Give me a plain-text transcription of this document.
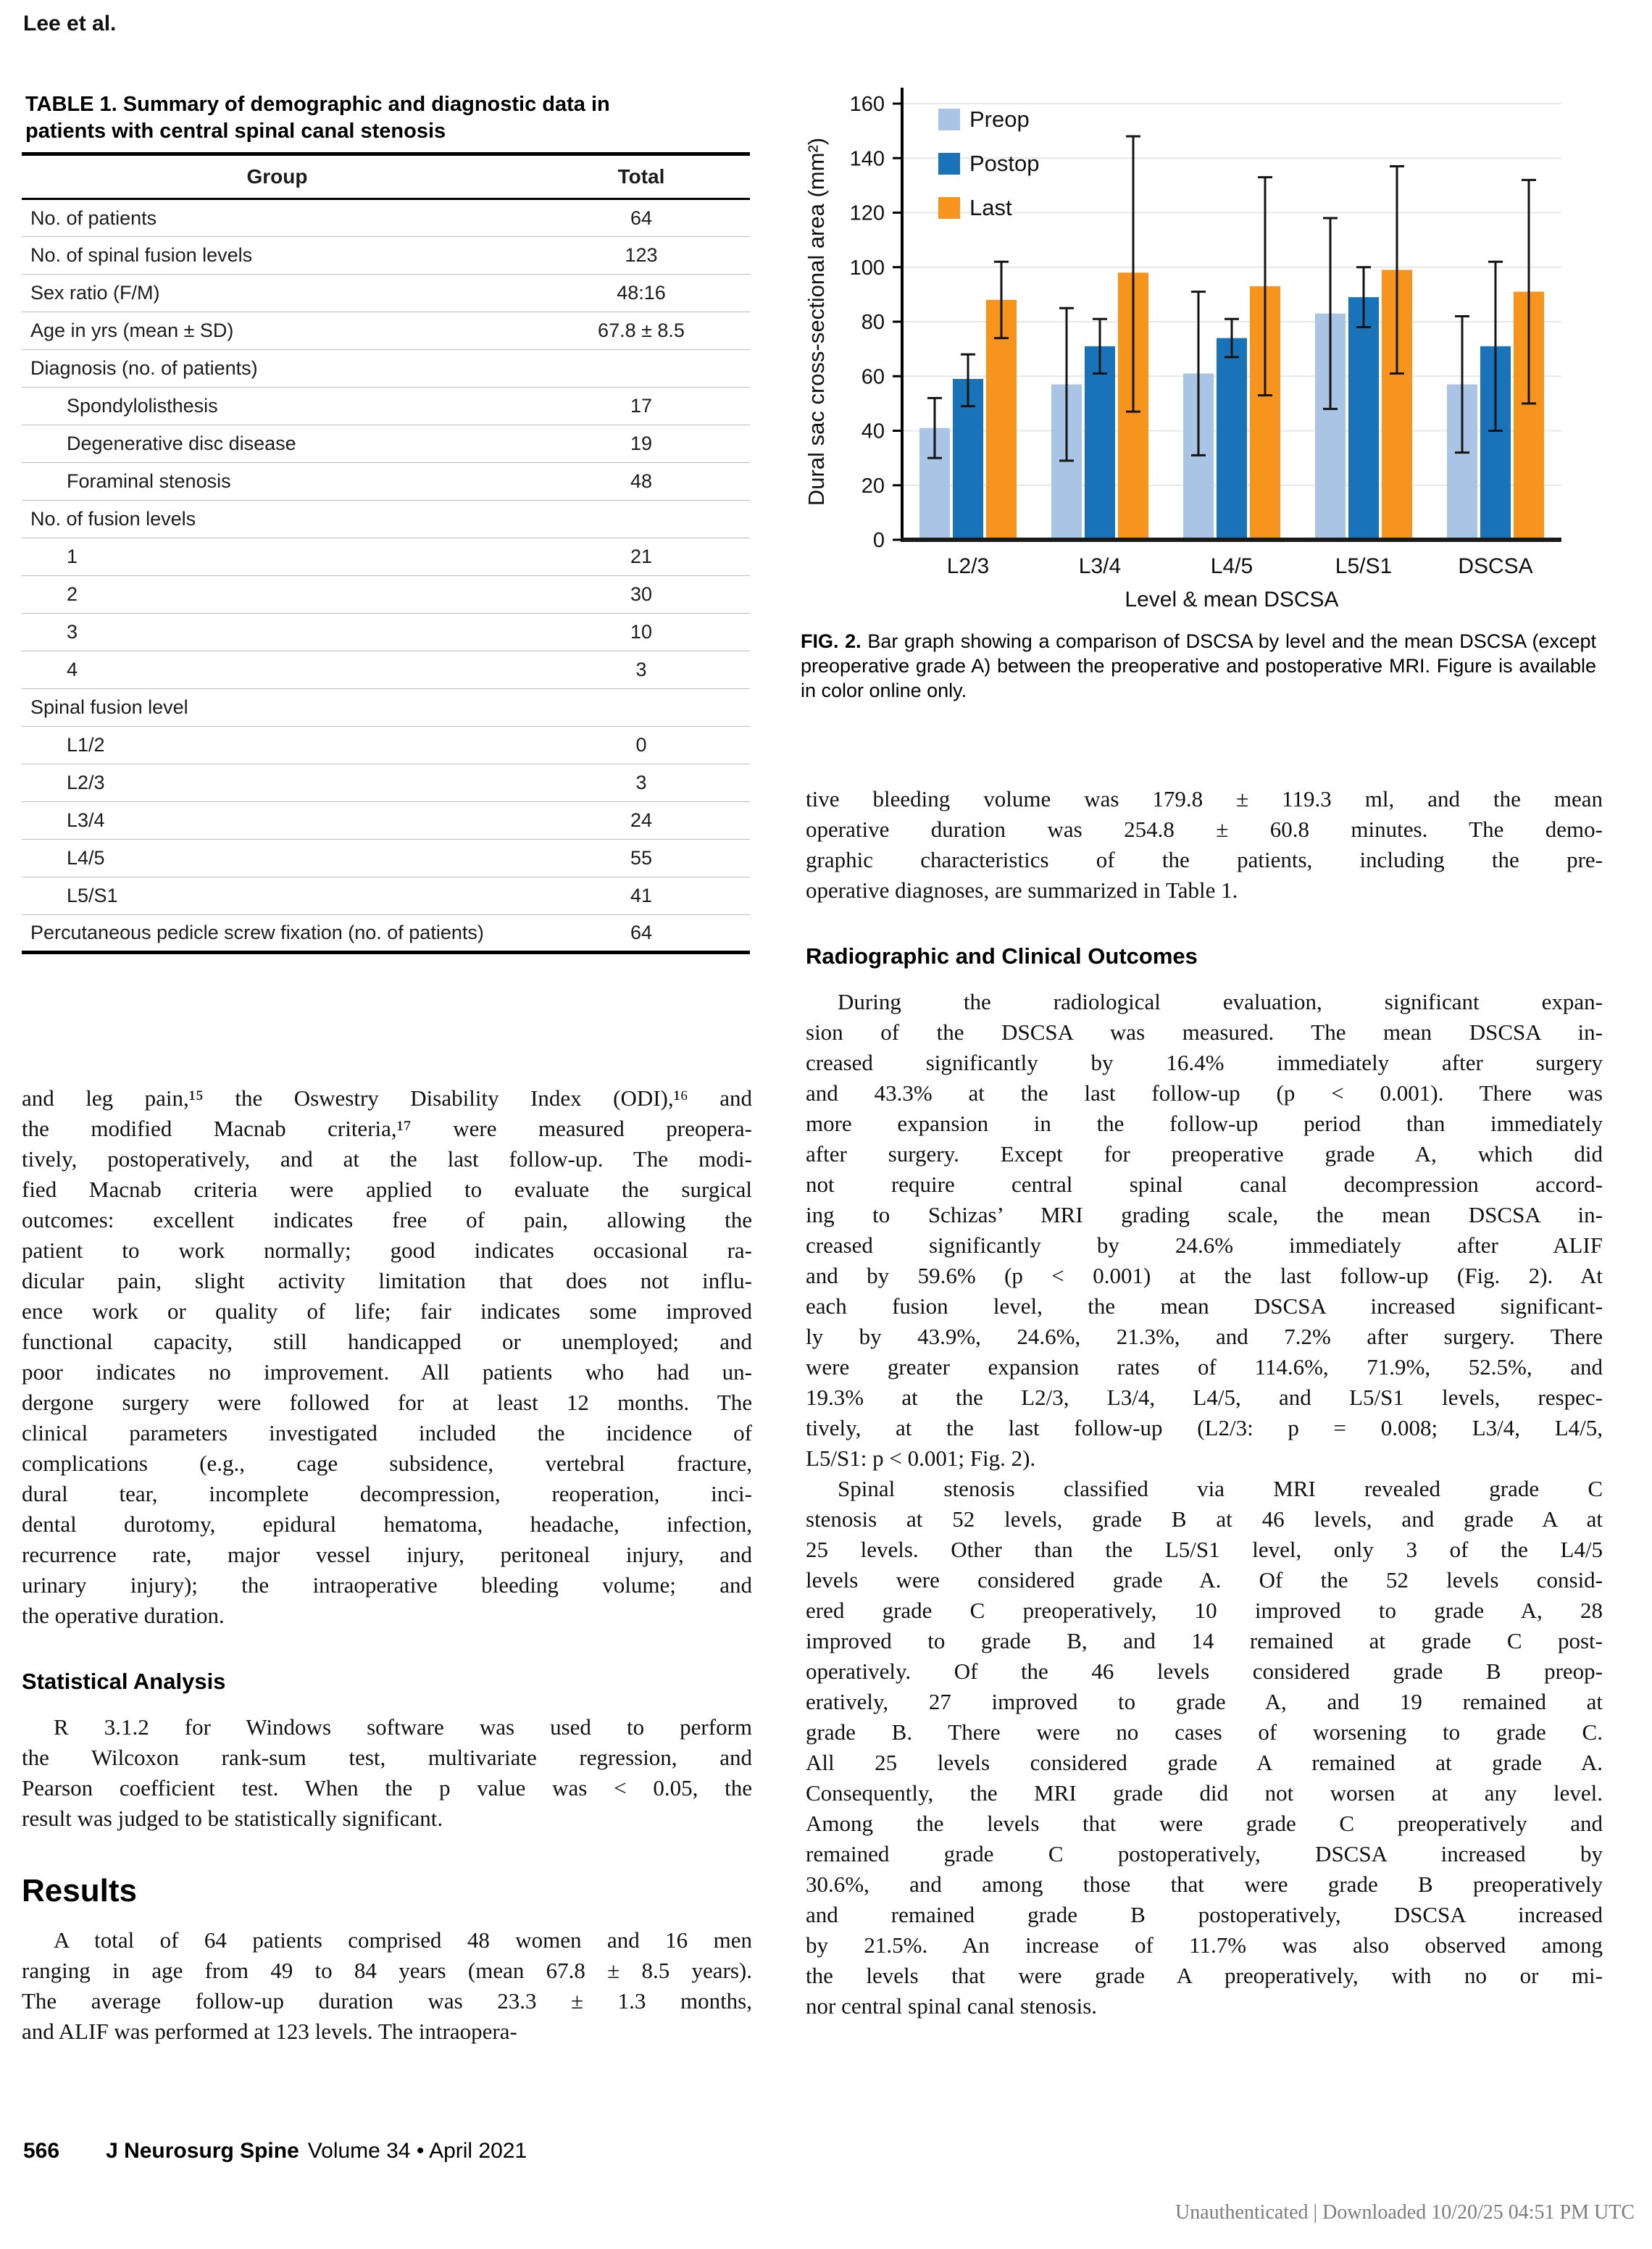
Lee et al.
TABLE 1. Summary of demographic and diagnostic data in patients with central spinal canal stenosis
Group	Total
No. of patients	64
No. of spinal fusion levels	123
Sex ratio (F/M)	48:16
Age in yrs (mean ± SD)	67.8 ± 8.5
Diagnosis (no. of patients)	
Spondylolisthesis	17
Degenerative disc disease	19
Foraminal stenosis	48
No. of fusion levels	
1	21
2	30
3	10
4	3
Spinal fusion level	
L1/2	0
L2/3	3
L3/4	24
L4/5	55
L5/S1	41
Percutaneous pedicle screw fixation (no. of patients)	64
0
20
40
60
80
100
120
140
160
L2/3	L3/4	L4/5	L5/S1	DSCSA
Level & mean DSCSA
Dural sac cross-sectional area (mm²)
Preop
Postop
Last
FIG. 2. Bar graph showing a comparison of DSCSA by level and the mean DSCSA (except preoperative grade A) between the preoperative and postoperative MRI. Figure is available in color online only.
and leg pain,¹⁵ the Oswestry Disability Index (ODI),¹⁶ and
the modified Macnab criteria,¹⁷ were measured preopera-
tively, postoperatively, and at the last follow-up. The modi-
fied Macnab criteria were applied to evaluate the surgical
outcomes: excellent indicates free of pain, allowing the
patient to work normally; good indicates occasional ra-
dicular pain, slight activity limitation that does not influ-
ence work or quality of life; fair indicates some improved
functional capacity, still handicapped or unemployed; and
poor indicates no improvement. All patients who had un-
dergone surgery were followed for at least 12 months. The
clinical parameters investigated included the incidence of
complications (e.g., cage subsidence, vertebral fracture,
dural tear, incomplete decompression, reoperation, inci-
dental durotomy, epidural hematoma, headache, infection,
recurrence rate, major vessel injury, peritoneal injury, and
urinary injury); the intraoperative bleeding volume; and
the operative duration.
Statistical Analysis
R 3.1.2 for Windows software was used to perform
the Wilcoxon rank-sum test, multivariate regression, and
Pearson coefficient test. When the p value was < 0.05, the
result was judged to be statistically significant.
Results
A total of 64 patients comprised 48 women and 16 men
ranging in age from 49 to 84 years (mean 67.8 ± 8.5 years).
The average follow-up duration was 23.3 ± 1.3 months,
and ALIF was performed at 123 levels. The intraopera-
tive bleeding volume was 179.8 ± 119.3 ml, and the mean
operative duration was 254.8 ± 60.8 minutes. The demo-
graphic characteristics of the patients, including the pre-
operative diagnoses, are summarized in Table 1.
Radiographic and Clinical Outcomes
During the radiological evaluation, significant expan-
sion of the DSCSA was measured. The mean DSCSA in-
creased significantly by 16.4% immediately after surgery
and 43.3% at the last follow-up (p < 0.001). There was
more expansion in the follow-up period than immediately
after surgery. Except for preoperative grade A, which did
not require central spinal canal decompression accord-
ing to Schizas’ MRI grading scale, the mean DSCSA in-
creased significantly by 24.6% immediately after ALIF
and by 59.6% (p < 0.001) at the last follow-up (Fig. 2). At
each fusion level, the mean DSCSA increased significant-
ly by 43.9%, 24.6%, 21.3%, and 7.2% after surgery. There
were greater expansion rates of 114.6%, 71.9%, 52.5%, and
19.3% at the L2/3, L3/4, L4/5, and L5/S1 levels, respec-
tively, at the last follow-up (L2/3: p = 0.008; L3/4, L4/5,
L5/S1: p < 0.001; Fig. 2).
Spinal stenosis classified via MRI revealed grade C
stenosis at 52 levels, grade B at 46 levels, and grade A at
25 levels. Other than the L5/S1 level, only 3 of the L4/5
levels were considered grade A. Of the 52 levels consid-
ered grade C preoperatively, 10 improved to grade A, 28
improved to grade B, and 14 remained at grade C post-
operatively. Of the 46 levels considered grade B preop-
eratively, 27 improved to grade A, and 19 remained at
grade B. There were no cases of worsening to grade C.
All 25 levels considered grade A remained at grade A.
Consequently, the MRI grade did not worsen at any level.
Among the levels that were grade C preoperatively and
remained grade C postoperatively, DSCSA increased by
30.6%, and among those that were grade B preoperatively
and remained grade B postoperatively, DSCSA increased
by 21.5%. An increase of 11.7% was also observed among
the levels that were grade A preoperatively, with no or mi-
nor central spinal canal stenosis.
566 J Neurosurg Spine Volume 34 • April 2021
Unauthenticated | Downloaded 10/20/25 04:51 PM UTC
